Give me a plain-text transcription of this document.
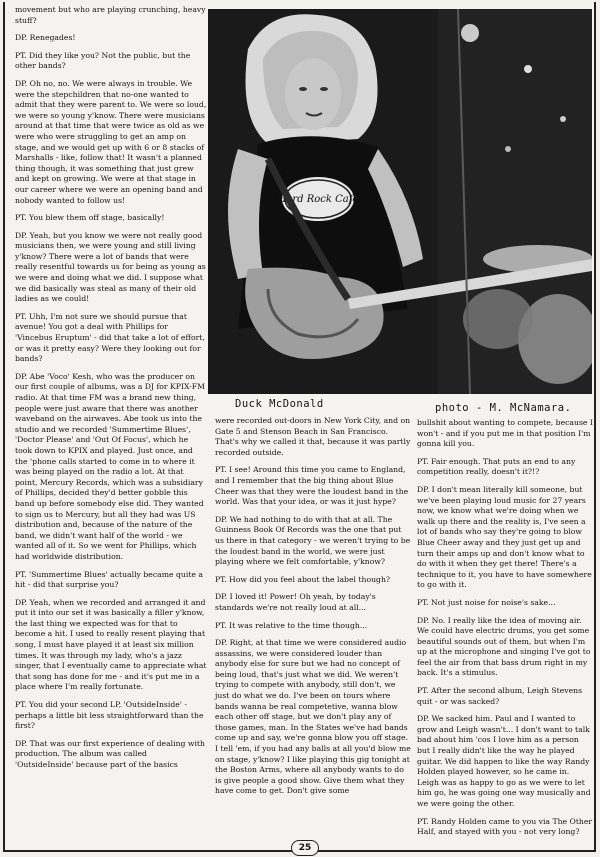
movement but who are playing crunching, heavy stuff?

DP. Renegades!

PT. Did they like you? Not the public, but the other bands?

DP. Oh no, no. We were always in trouble. We were the stepchildren that no-one wanted to admit that they were parent to. We were so loud, we were so young y'know. There were musicians around at that time that were twice as old as we were who were struggling to get an amp on stage, and we would get up with 6 or 8 stacks of Marshalls - like, follow that! It wasn't a planned thing though, it was something that just grew and kept on growing. We were at that stage in our career where we were an opening band and nobody wanted to follow us!

PT. You blew them off stage, basically!

DP. Yeah, but you know we were not really good musicians then, we were young and still living y'know? There were a lot of bands that were really resentful towards us for being as young as we were and doing what we did. I suppose what we did basically was steal as many of their old ladies as we could!

PT. Uhh, I'm not sure we should pursue that avenue! You got a deal with Phillips for 'Vincebus Eruptum' - did that take a lot of effort, or was it pretty easy? Were they looking out for bands?

DP. Abe 'Voco' Kesh, who was the producer on our first couple of albums, was a DJ for KPIX-FM radio. At that time FM was a brand new thing, people were just aware that there was another waveband on the airwaves. Abe took us into the studio and we recorded 'Summertime Blues', 'Doctor Please' and 'Out Of Focus', which he took down to KPIX and played. Just once, and the 'phone calls started to come in to where it was being played on the radio a lot. At that point, Mercury Records, which was a subsidiary of Phillips, decided they'd better gobble this band up before somebody else did. They wanted to sign us to Mercury, but all they had was US distribution and, because of the nature of the band, we didn't want half of the world - we wanted all of it. So we went for Phillips, which had worldwide distribution.

PT. 'Summertime Blues' actually became quite a hit - did that surprise you?

DP. Yeah, when we recorded and arranged it and put it into our set it was basically a filler y'know, the last thing we expected was for that to become a hit. I used to really resent playing that song, I must have played it at least six million times. It was through my lady, who's a jazz singer, that I eventually came to appreciate what that song has done for me - and it's put me in a place where I'm really fortunate.

PT. You did your second LP, 'OutsideInside' - perhaps a little bit less straightforward than the first?

DP. That was our first experience of dealing with production. The album was called 'OutsideInside' because part of the basics

Hard Rock Cafe
Duck McDonald	photo - M. McNamara.

were recorded out-doors in New York City, and on Gate 5 and Stenson Beach in San Francisco. That's why we called it that, because it was partly recorded outside.

PT. I see! Around this time you came to England, and I remember that the big thing about Blue Cheer was that they were the loudest band in the world. Was that your idea, or was it just hype?

DP. We had nothing to do with that at all. The Guinness Book Of Records was the one that put us there in that category - we weren't trying to be the loudest band in the world, we were just playing where we felt comfortable, y'know?

PT. How did you feel about the label though?

DP. I loved it! Power! Oh yeah, by today's standards we're not really loud at all...

PT. It was relative to the time though...

DP. Right, at that time we were considered audio assassins, we were considered louder than anybody else for sure but we had no concept of being loud, that's just what we did. We weren't trying to compete with anybody, still don't, we just do what we do. I've been on tours where bands wanna be real competetive, wanna blow each other off stage, but we don't play any of those games, man. In the States we've had bands come up and say, we're gonna blow you off stage. I tell 'em, if you had any balls at all you'd blow me on stage, y'know? I like playing this gig tonight at the Boston Arms, where all anybody wants to do is give people a good show. Give them what they have come to get. Don't give some

bullshit about wanting to compete, because I won't - and if you put me in that position I'm gonna kill you.

PT. Fair enough. That puts an end to any competition really, doesn't it?!?

DP. I don't mean literally kill someone, but we've been playing loud music for 27 years now, we know what we're doing when we walk up there and the reality is, I've seen a lot of bands who say they're going to blow Blue Cheer away and they just get up and turn their amps up and don't know what to do with it when they get there! There's a technique to it, you have to have somewhere to go with it.

PT. Not just noise for noise's sake...

DP. No. I really like the idea of moving air. We could have electric drums, you get some beautiful sounds out of them, but when I'm up at the microphone and singing I've got to feel the air from that bass drum right in my back. It's a stimulus.

PT. After the second album, Leigh Stevens quit - or was sacked?

DP. We sacked him. Paul and I wanted to grow and Leigh wasn't... I don't want to talk bad about him 'cos I love him as a person but I really didn't like the way he played guitar. We did happen to like the way Randy Holden played however, so he came in. Leigh was as happy to go as we were to let him go, he was going one way musically and we were going the other.

PT. Randy Holden came to you via The Other Half, and stayed with you - not very long?

25
